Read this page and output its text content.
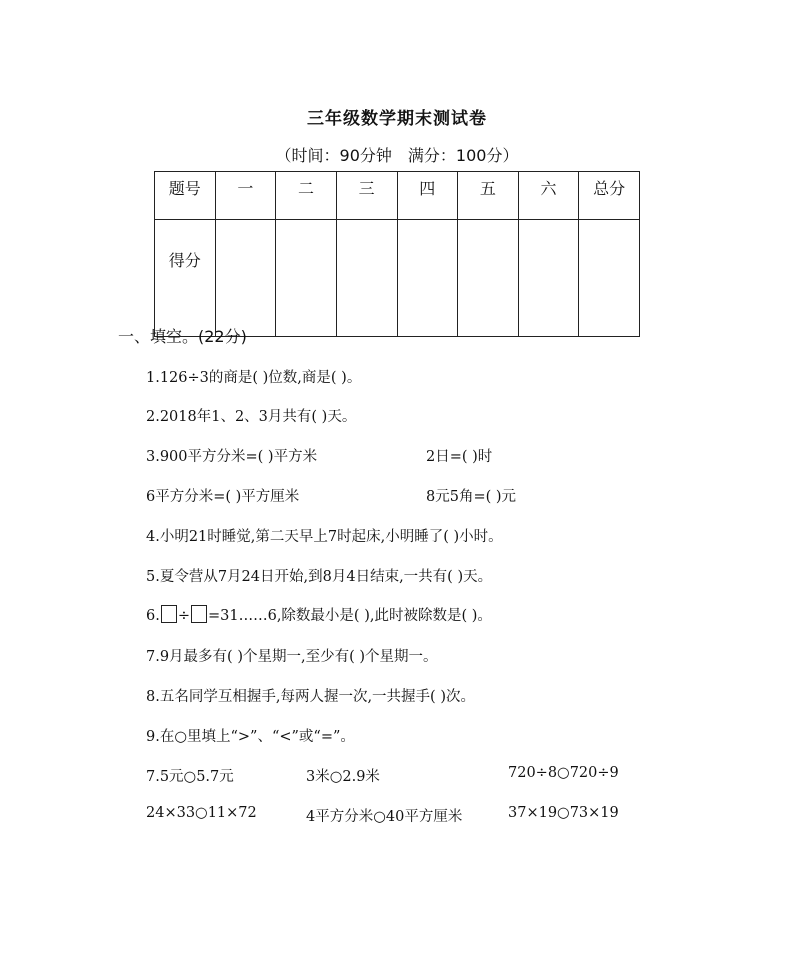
三年级数学期末测试卷
（时间：90分钟　满分：100分）
题号	一	二	三	四	五	六	总分
得分							
一、填空。(22分)
1.126÷3的商是( )位数,商是( )。
2.2018年1、2、3月共有( )天。
3.900平方分米=( )平方米	2日=( )时
6平方分米=( )平方厘米	8元5角=( )元
4.小明21时睡觉,第二天早上7时起床,小明睡了( )小时。
5.夏令营从7月24日开始,到8月4日结束,一共有( )天。
6. ÷ =31……6,除数最小是( ),此时被除数是( )。
7.9月最多有( )个星期一,至少有( )个星期一。
8.五名同学互相握手,每两人握一次,一共握手( )次。
9.在○里填上“>”、“<”或“=”。
7.5元○5.7元	3米○2.9米	720÷8○720÷9
24×33○11×72	4平方分米○40平方厘米	37×19○73×19
